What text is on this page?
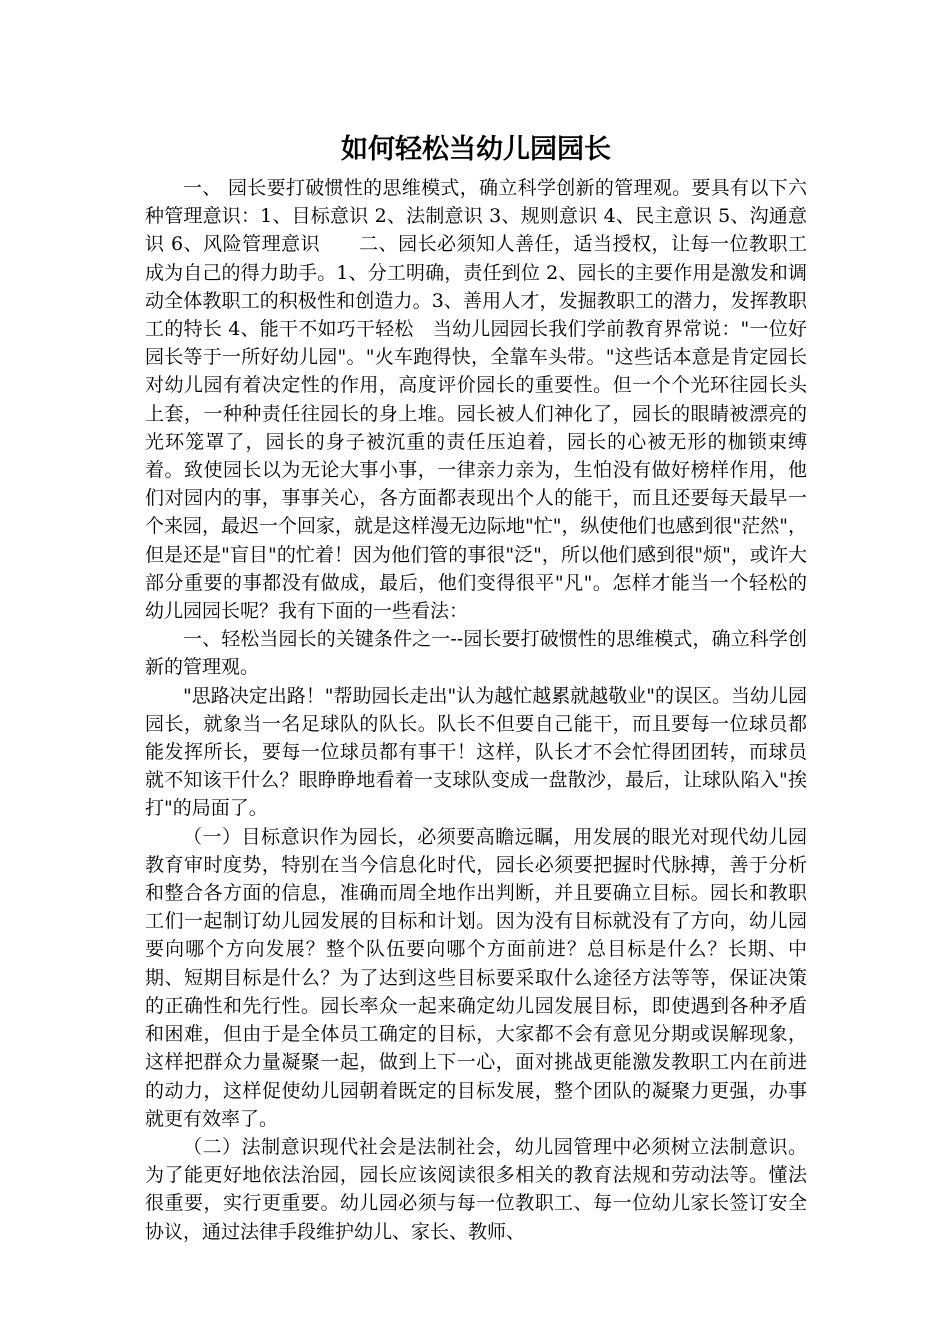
如何轻松当幼儿园园长

一、 园长要打破惯性的思维模式，确立科学创新的管理观。要具有以下六种管理意识：1、目标意识 2、法制意识 3、规则意识 4、民主意识 5、沟通意识 6、风险管理意识　　二、园长必须知人善任，适当授权，让每一位教职工成为自己的得力助手。1、分工明确，责任到位 2、园长的主要作用是激发和调动全体教职工的积极性和创造力。3、善用人才，发掘教职工的潜力，发挥教职工的特长 4、能干不如巧干轻松　当幼儿园园长我们学前教育界常说："一位好园长等于一所好幼儿园"。"火车跑得快，全靠车头带。"这些话本意是肯定园长对幼儿园有着决定性的作用，高度评价园长的重要性。但一个个光环往园长头上套，一种种责任往园长的身上堆。园长被人们神化了，园长的眼睛被漂亮的光环笼罩了，园长的身子被沉重的责任压迫着，园长的心被无形的枷锁束缚着。致使园长以为无论大事小事，一律亲力亲为，生怕没有做好榜样作用，他们对园内的事，事事关心，各方面都表现出个人的能干，而且还要每天最早一个来园，最迟一个回家，就是这样漫无边际地"忙"，纵使他们也感到很"茫然"，但是还是"盲目"的忙着！因为他们管的事很"泛"，所以他们感到很"烦"，或许大部分重要的事都没有做成，最后，他们变得很平"凡"。怎样才能当一个轻松的幼儿园园长呢？我有下面的一些看法：

一、轻松当园长的关键条件之一--园长要打破惯性的思维模式，确立科学创新的管理观。

"思路决定出路！"帮助园长走出"认为越忙越累就越敬业"的误区。当幼儿园园长，就象当一名足球队的队长。队长不但要自己能干，而且要每一位球员都能发挥所长，要每一位球员都有事干！这样，队长才不会忙得团团转，而球员就不知该干什么？眼睁睁地看着一支球队变成一盘散沙，最后，让球队陷入"挨打"的局面了。

（一）目标意识作为园长，必须要高瞻远瞩，用发展的眼光对现代幼儿园教育审时度势，特别在当今信息化时代，园长必须要把握时代脉搏，善于分析和整合各方面的信息，准确而周全地作出判断，并且要确立目标。园长和教职工们一起制订幼儿园发展的目标和计划。因为没有目标就没有了方向，幼儿园要向哪个方向发展？整个队伍要向哪个方面前进？总目标是什么？长期、中期、短期目标是什么？为了达到这些目标要采取什么途径方法等等，保证决策的正确性和先行性。园长率众一起来确定幼儿园发展目标，即使遇到各种矛盾和困难，但由于是全体员工确定的目标，大家都不会有意见分期或误解现象，这样把群众力量凝聚一起，做到上下一心，面对挑战更能激发教职工内在前进的动力，这样促使幼儿园朝着既定的目标发展，整个团队的凝聚力更强，办事就更有效率了。

（二）法制意识现代社会是法制社会，幼儿园管理中必须树立法制意识。为了能更好地依法治园，园长应该阅读很多相关的教育法规和劳动法等。懂法很重要，实行更重要。幼儿园必须与每一位教职工、每一位幼儿家长签订安全协议，通过法律手段维护幼儿、家长、教师、
